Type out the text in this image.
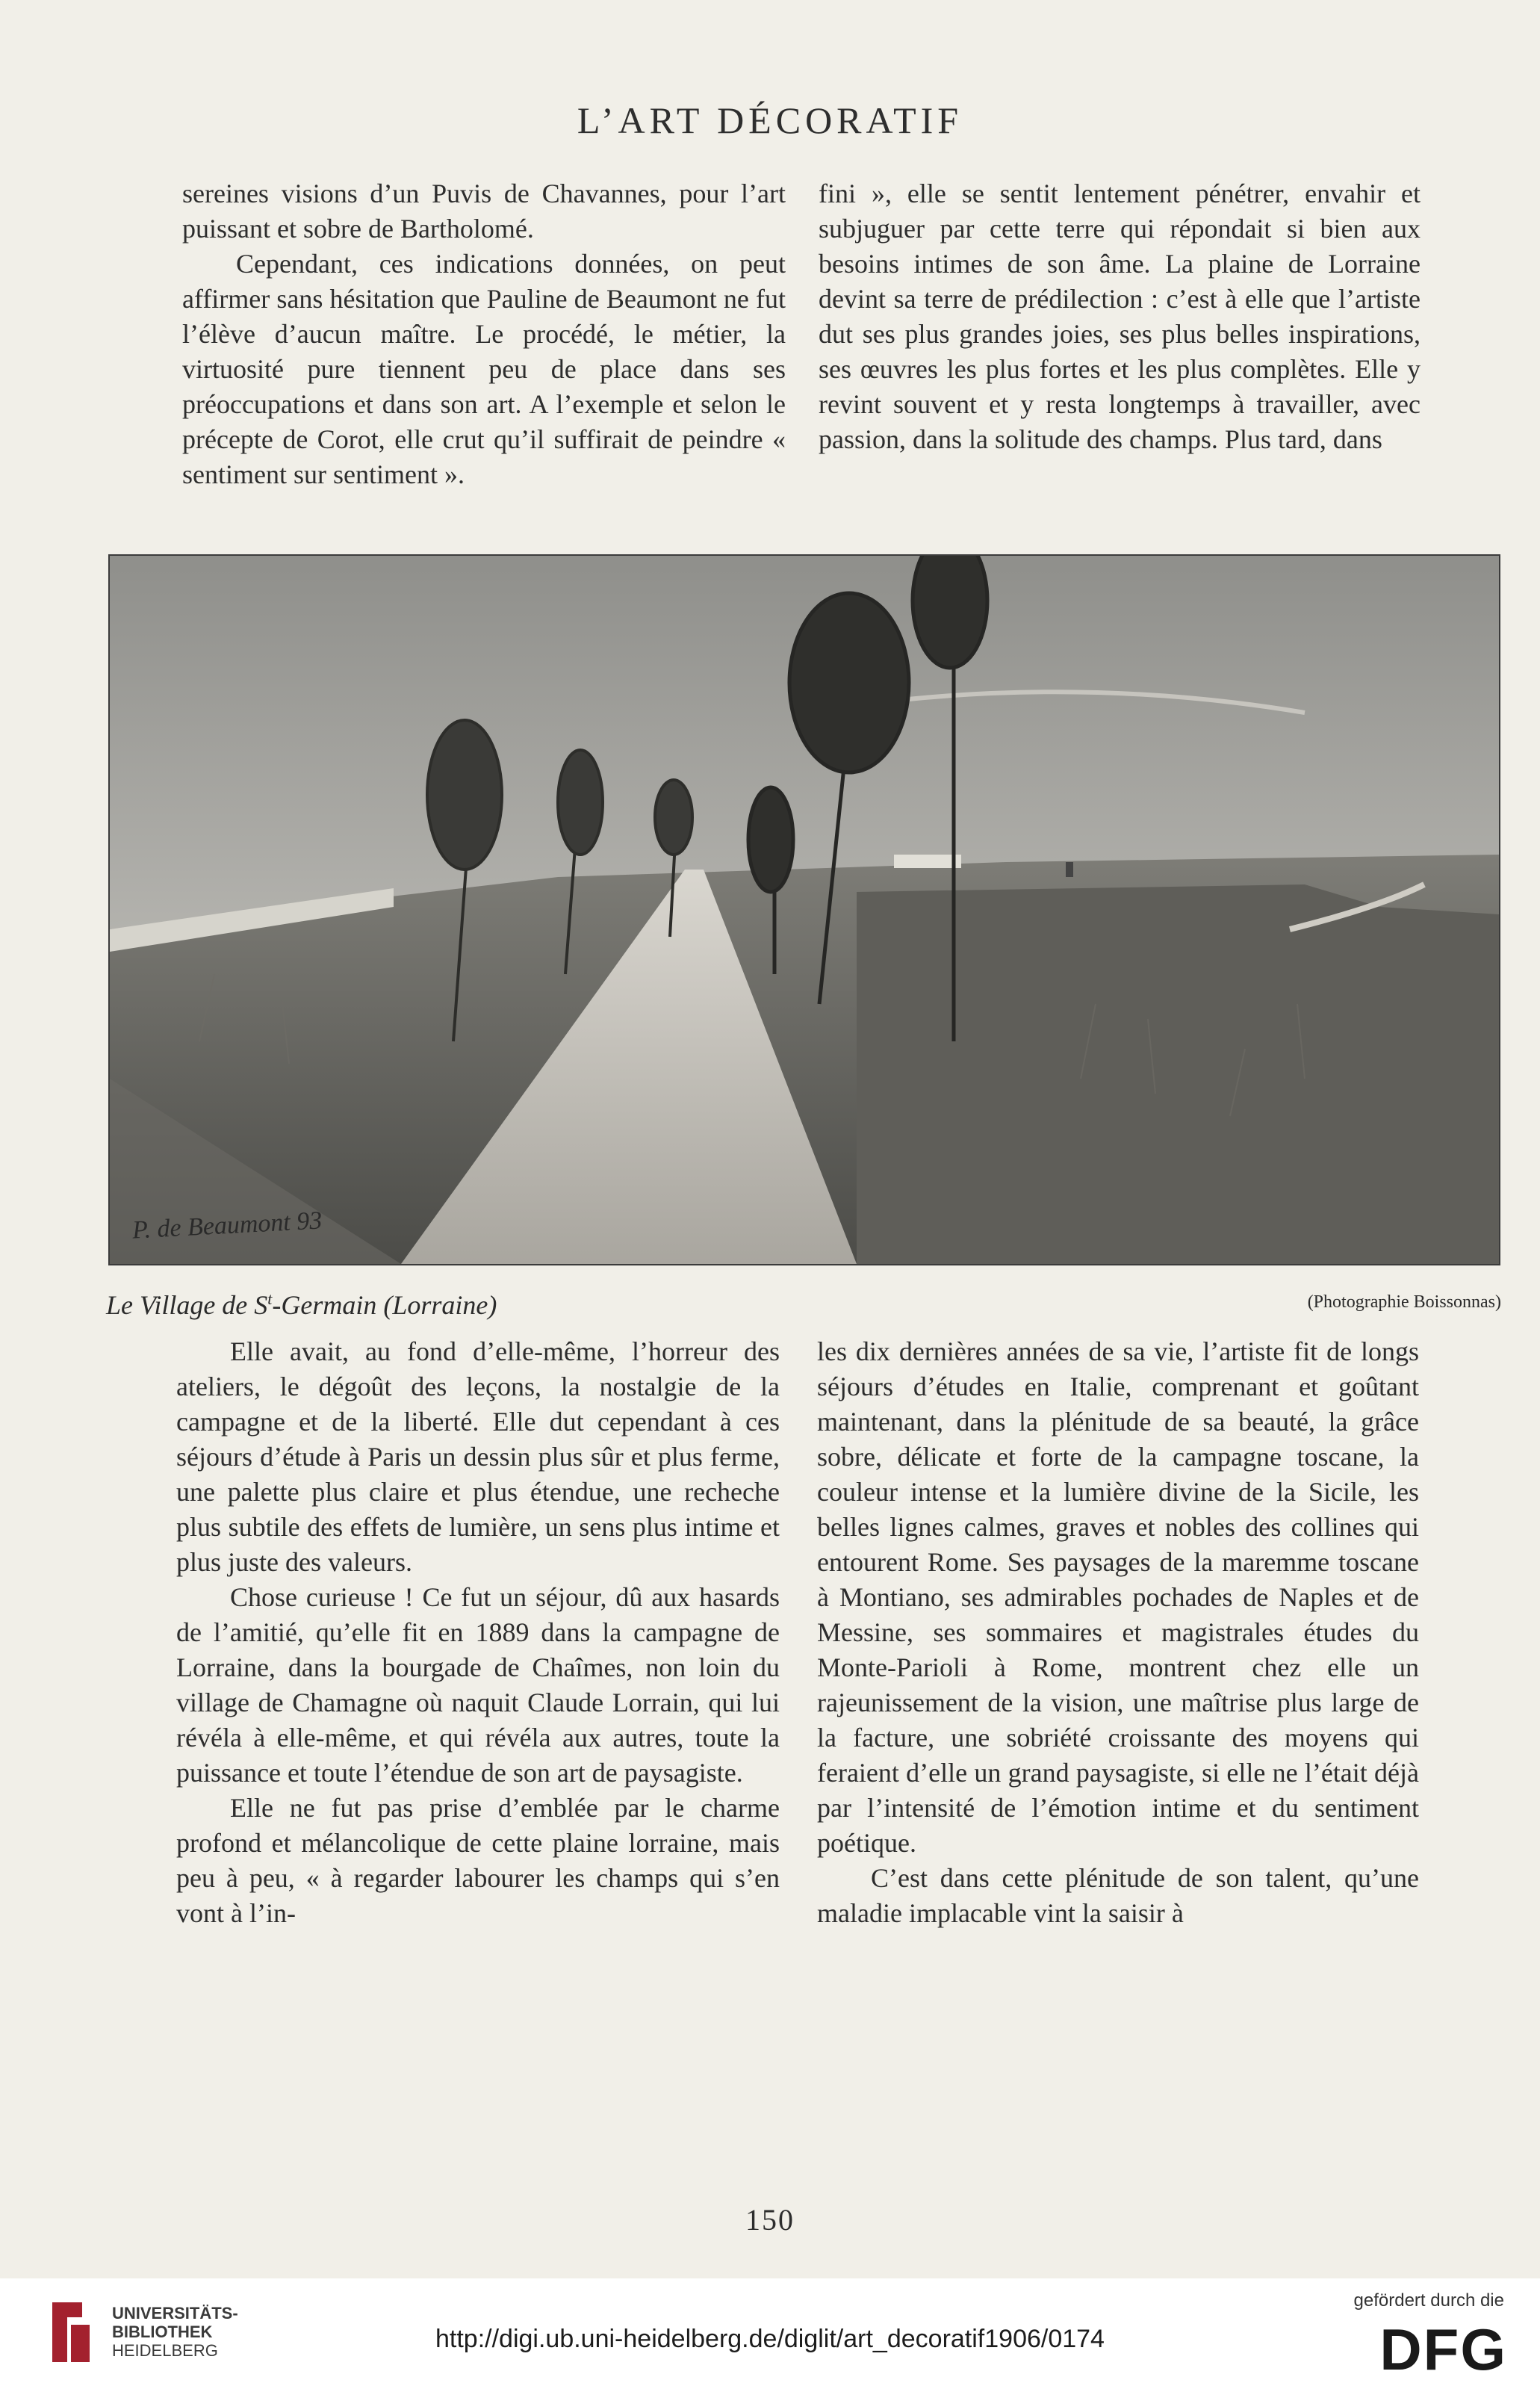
L’ART DÉCORATIF

sereines visions d’un Puvis de Chavannes, pour l’art puissant et sobre de Bartholomé.

Cependant, ces indications données, on peut affirmer sans hésitation que Pauline de Beaumont ne fut l’élève d’aucun maître. Le procédé, le métier, la virtuosité pure tiennent peu de place dans ses préoccupations et dans son art. A l’exemple et selon le précepte de Corot, elle crut qu’il suffirait de peindre « sentiment sur sentiment ».

fini », elle se sentit lentement pénétrer, envahir et subjuguer par cette terre qui répondait si bien aux besoins intimes de son âme. La plaine de Lorraine devint sa terre de prédilection : c’est à elle que l’artiste dut ses plus grandes joies, ses plus belles inspirations, ses œuvres les plus fortes et les plus complètes. Elle y revint souvent et y resta longtemps à travailler, avec passion, dans la solitude des champs. Plus tard, dans

P. de Beaumont 93
Le Village de $S^t$-Germain (Lorraine)	(Photographie Boissonnas)

Elle avait, au fond d’elle-même, l’horreur des ateliers, le dégoût des leçons, la nostalgie de la campagne et de la liberté. Elle dut cependant à ces séjours d’étude à Paris un dessin plus sûr et plus ferme, une palette plus claire et plus étendue, une recheche plus subtile des effets de lumière, un sens plus intime et plus juste des valeurs.

Chose curieuse ! Ce fut un séjour, dû aux hasards de l’amitié, qu’elle fit en 1889 dans la campagne de Lorraine, dans la bourgade de Chaîmes, non loin du village de Chamagne où naquit Claude Lorrain, qui lui révéla à elle-même, et qui révéla aux autres, toute la puissance et toute l’étendue de son art de paysagiste.

Elle ne fut pas prise d’emblée par le charme profond et mélancolique de cette plaine lorraine, mais peu à peu, « à regarder labourer les champs qui s’en vont à l’in-

les dix dernières années de sa vie, l’artiste fit de longs séjours d’études en Italie, comprenant et goûtant maintenant, dans la plénitude de sa beauté, la grâce sobre, délicate et forte de la campagne toscane, la couleur intense et la lumière divine de la Sicile, les belles lignes calmes, graves et nobles des collines qui entourent Rome. Ses paysages de la maremme toscane à Montiano, ses admirables pochades de Naples et de Messine, ses sommaires et magistrales études du Monte-Parioli à Rome, montrent chez elle un rajeunissement de la vision, une maîtrise plus large de la facture, une sobriété croissante des moyens qui feraient d’elle un grand paysagiste, si elle ne l’était déjà par l’intensité de l’émotion intime et du sentiment poétique.

C’est dans cette plénitude de son talent, qu’une maladie implacable vint la saisir à

150
UNIVERSITÄTS-
BIBLIOTHEK
HEIDELBERG	http://digi.ub.uni-heidelberg.de/diglit/art_decoratif1906/0174
gefördert durch die
DFG
